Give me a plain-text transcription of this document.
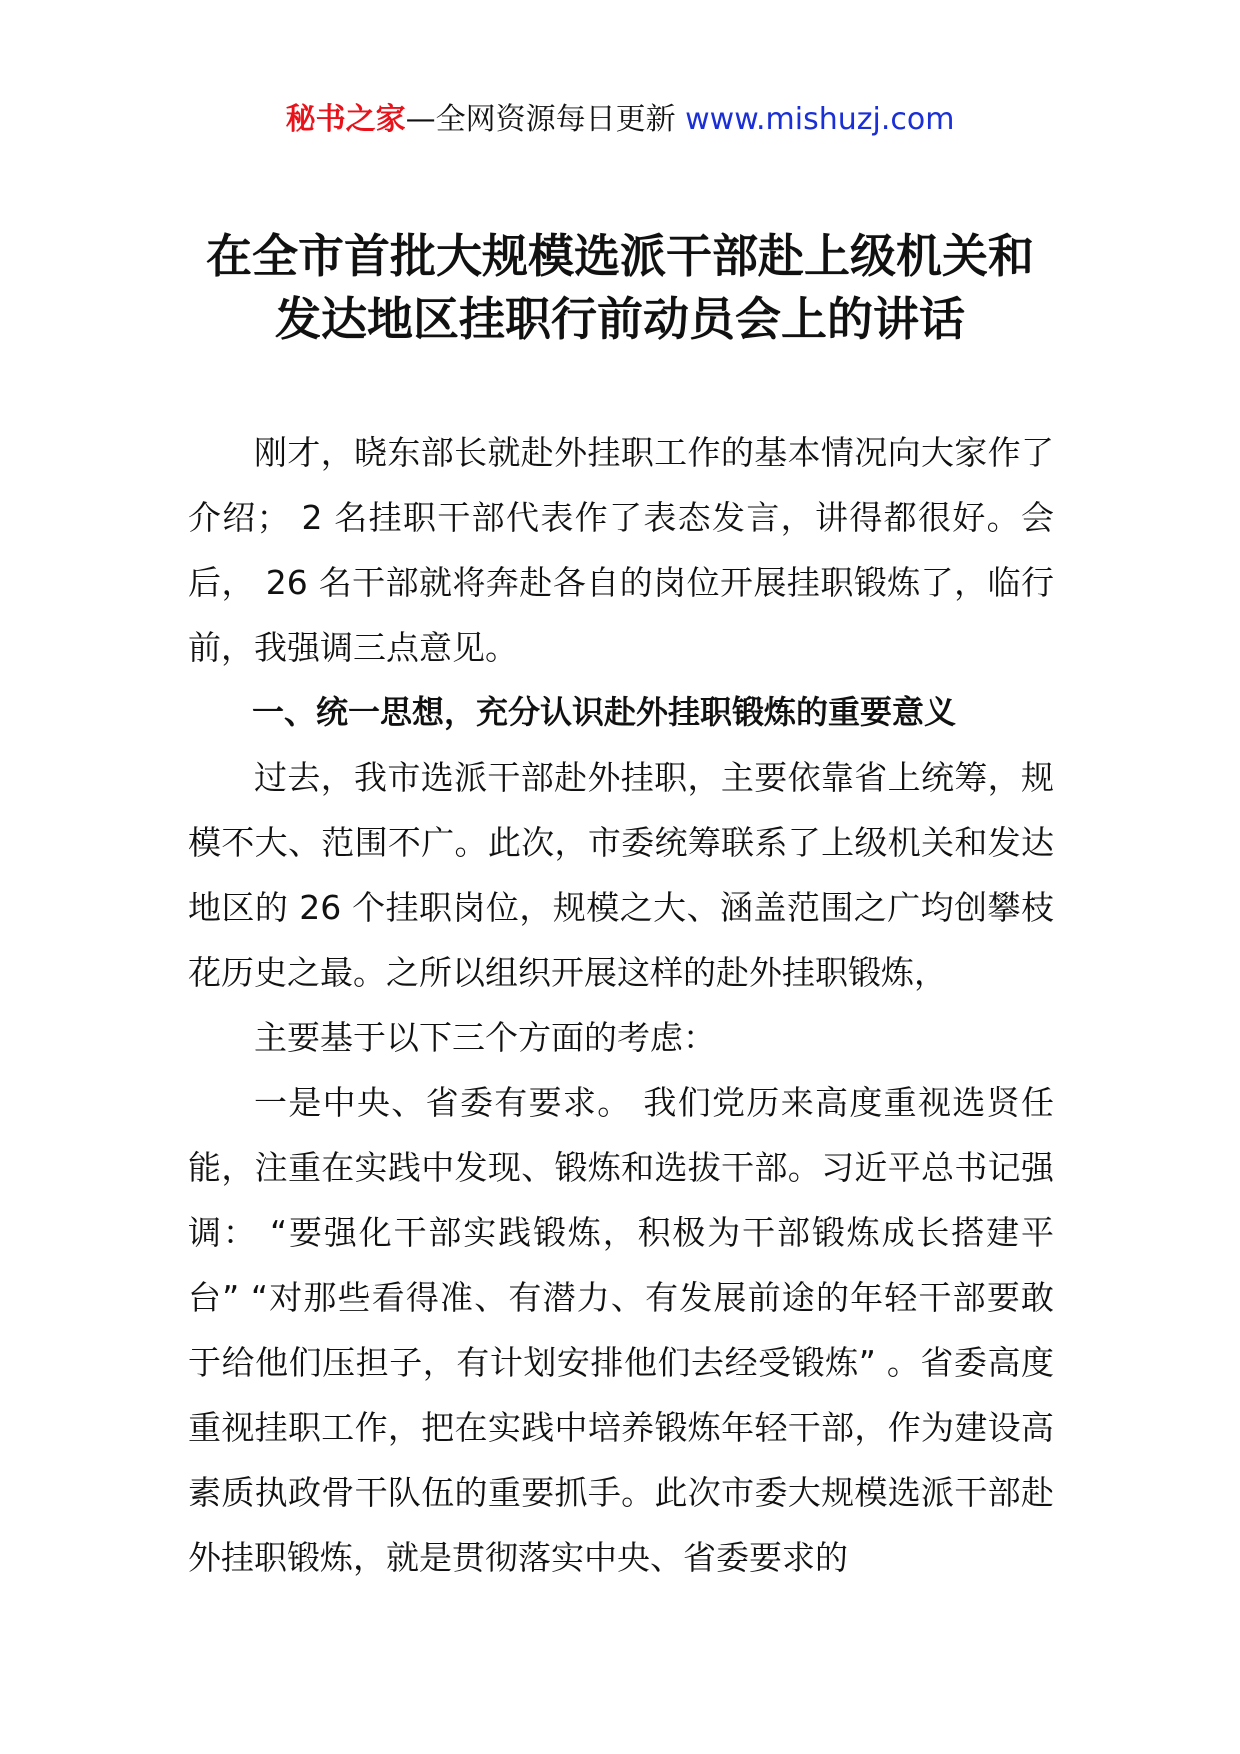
秘书之家—全网资源每日更新 www.mishuzj.com
在全市首批大规模选派干部赴上级机关和
发达地区挂职行前动员会上的讲话

刚才，晓东部长就赴外挂职工作的基本情况向大家作了介绍； 2 名挂职干部代表作了表态发言，讲得都很好。会后， 26 名干部就将奔赴各自的岗位开展挂职锻炼了，临行前，我强调三点意见。

一、统一思想，充分认识赴外挂职锻炼的重要意义

过去，我市选派干部赴外挂职，主要依靠省上统筹，规模不大、范围不广。此次，市委统筹联系了上级机关和发达地区的 26 个挂职岗位，规模之大、涵盖范围之广均创攀枝花历史之最。之所以组织开展这样的赴外挂职锻炼，

主要基于以下三个方面的考虑：

一是中央、省委有要求。 我们党历来高度重视选贤任能，注重在实践中发现、锻炼和选拔干部。习近平总书记强调： “要强化干部实践锻炼，积极为干部锻炼成长搭建平台” “对那些看得准、有潜力、有发展前途的年轻干部要敢于给他们压担子，有计划安排他们去经受锻炼” 。省委高度重视挂职工作，把在实践中培养锻炼年轻干部，作为建设高素质执政骨干队伍的重要抓手。此次市委大规模选派干部赴外挂职锻炼，就是贯彻落实中央、省委要求的
